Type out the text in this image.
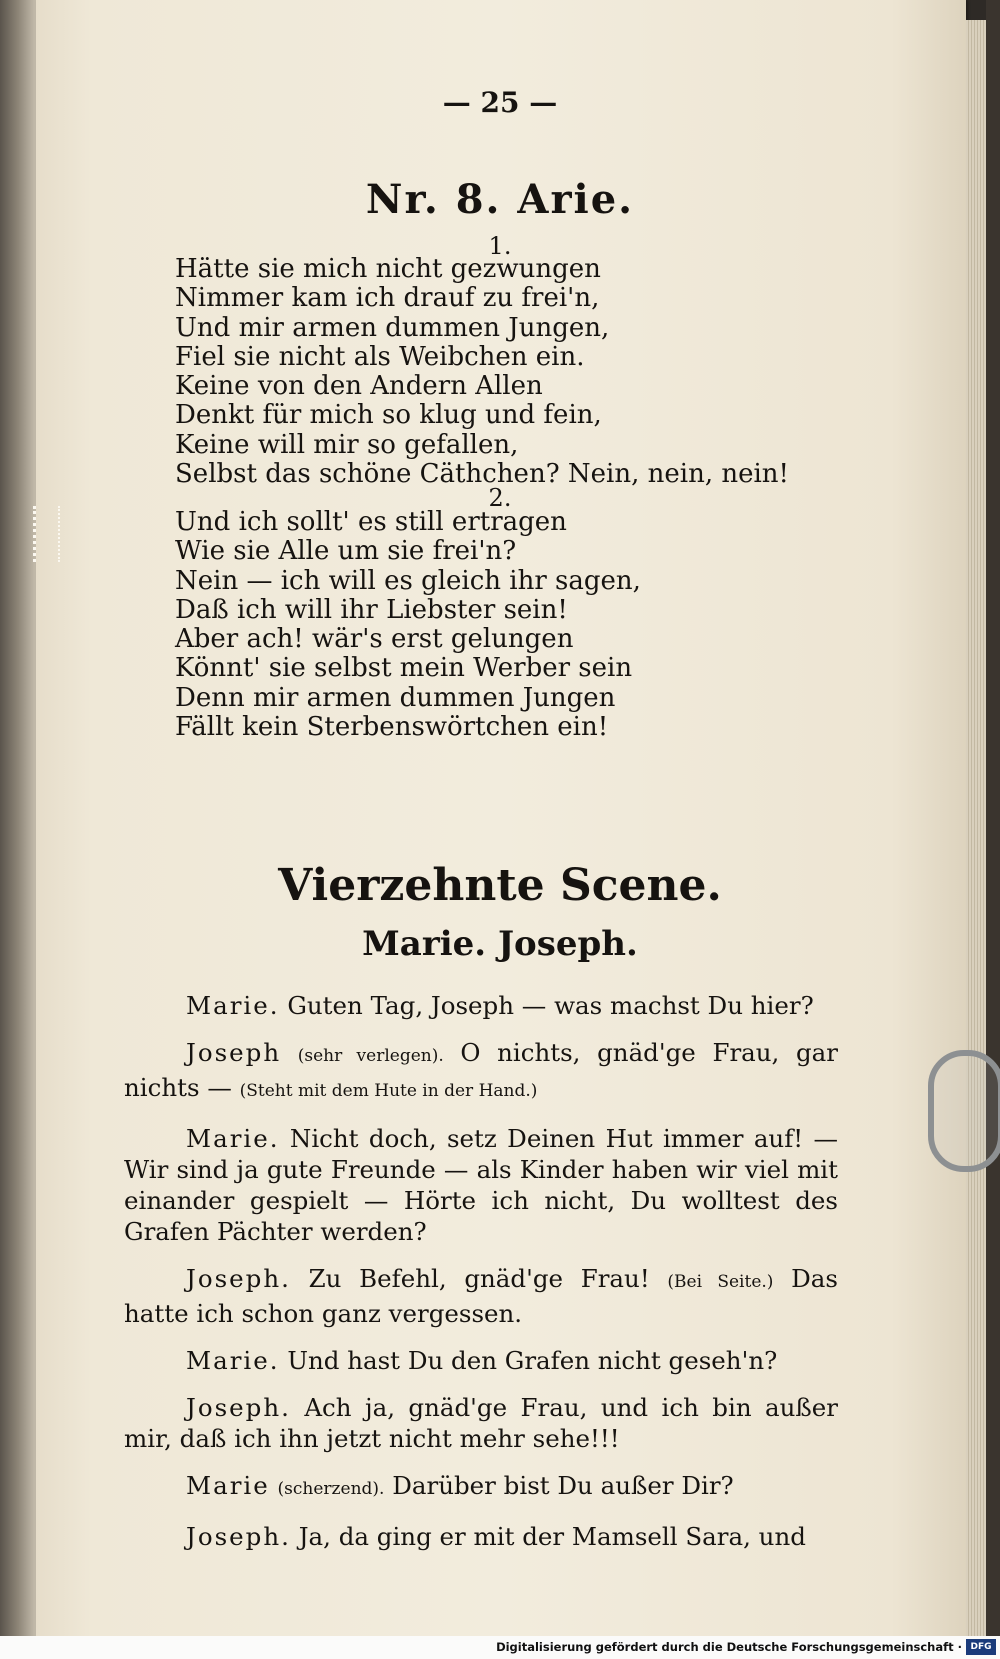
— 25 —
Nr. 8. Arie.
1.
Hätte sie mich nicht gezwungen
Nimmer kam ich drauf zu frei'n,
Und mir armen dummen Jungen,
Fiel sie nicht als Weibchen ein.
Keine von den Andern Allen
Denkt für mich so klug und fein,
Keine will mir so gefallen,
Selbst das schöne Cäthchen? Nein, nein, nein!
2.
Und ich sollt' es still ertragen
Wie sie Alle um sie frei'n?
Nein — ich will es gleich ihr sagen,
Daß ich will ihr Liebster sein!
Aber ach! wär's erst gelungen
Könnt' sie selbst mein Werber sein
Denn mir armen dummen Jungen
Fällt kein Sterbenswörtchen ein!
Vierzehnte Scene.
Marie. Joseph.

Marie. Guten Tag, Joseph — was machst Du hier?

Joseph (sehr verlegen). O nichts, gnäd'ge Frau, gar nichts — (Steht mit dem Hute in der Hand.)

Marie. Nicht doch, setz Deinen Hut immer auf! — Wir sind ja gute Freunde — als Kinder haben wir viel mit einander gespielt — Hörte ich nicht, Du wolltest des Grafen Pächter werden?

Joseph. Zu Befehl, gnäd'ge Frau! (Bei Seite.) Das hatte ich schon ganz vergessen.

Marie. Und hast Du den Grafen nicht geseh'n?

Joseph. Ach ja, gnäd'ge Frau, und ich bin außer mir, daß ich ihn jetzt nicht mehr sehe!!!

Marie (scherzend). Darüber bist Du außer Dir?

Joseph. Ja, da ging er mit der Mamsell Sara, und

Digitalisierung gefördert durch die Deutsche Forschungsgemeinschaft · DFG
